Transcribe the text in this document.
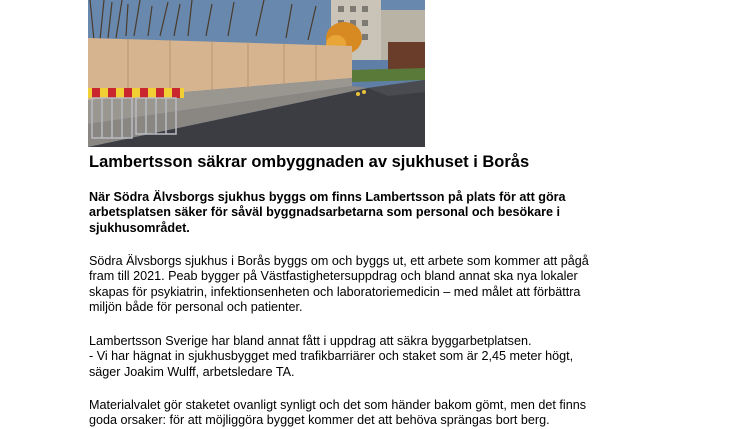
Lambertsson säkrar ombyggnaden av sjukhuset i Borås

När Södra Älvsborgs sjukhus byggs om finns Lambertsson på plats för att göra
arbetsplatsen säker för såväl byggnadsarbetarna som personal och besökare i
sjukhusområdet.

Södra Älvsborgs sjukhus i Borås byggs om och byggs ut, ett arbete som kommer att pågå
fram till 2021. Peab bygger på Västfastighetersuppdrag och bland annat ska nya lokaler
skapas för psykiatrin, infektionsenheten och laboratoriemedicin – med målet att förbättra
miljön både för personal och patienter.

Lambertsson Sverige har bland annat fått i uppdrag att säkra byggarbetplatsen.
- Vi har hägnat in sjukhusbygget med trafikbarriärer och staket som är 2,45 meter högt,
säger Joakim Wulff, arbetsledare TA.

Materialvalet gör staketet ovanligt synligt och det som händer bakom gömt, men det finns
goda orsaker: för att möjliggöra bygget kommer det att behöva sprängas bort berg.
